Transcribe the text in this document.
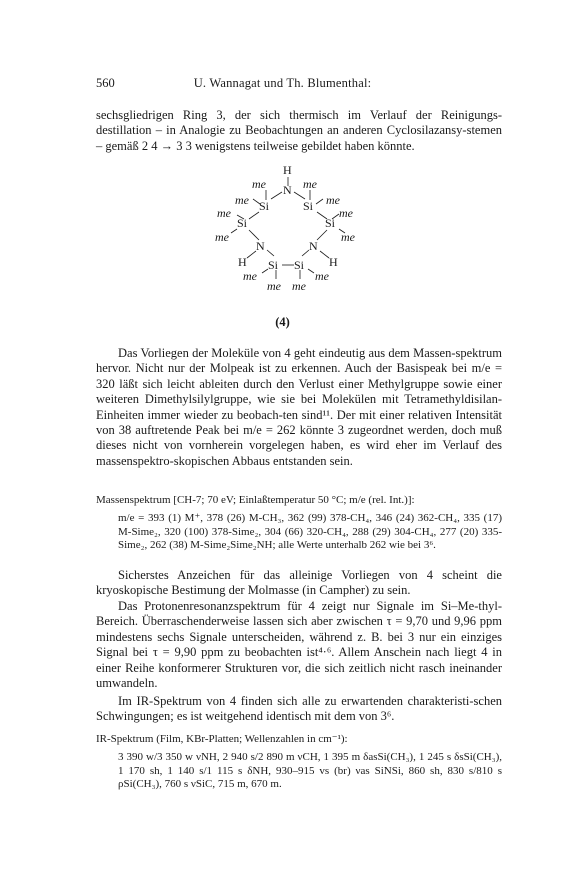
560	U. Wannagat und Th. Blumenthal:
sechsgliedrigen Ring 3, der sich thermisch im Verlauf der Reinigungs-destillation – in Analogie zu Beobachtungen an anderen Cyclosilazansy-stemen – gemäß 2 4 → 3 3 wenigstens teilweise gebildet haben könnte.
H
N
me	me
Si	Si
me	me
me	me
Si	Si
me	me
N	N
H	H
Si Si
me	me
me me
(4)
Das Vorliegen der Moleküle von 4 geht eindeutig aus dem Massen-spektrum hervor. Nicht nur der Molpeak ist zu erkennen. Auch der Basispeak bei m/e = 320 läßt sich leicht ableiten durch den Verlust einer Methylgruppe sowie einer weiteren Dimethylsilylgruppe, wie sie bei Molekülen mit Tetramethyldisilan-Einheiten immer wieder zu beobach-ten sind¹¹. Der mit einer relativen Intensität von 38 auftretende Peak bei m/e = 262 könnte 3 zugeordnet werden, doch muß dieses nicht von vornherein vorgelegen haben, es wird eher im Verlauf des massenspektro-skopischen Abbaus entstanden sein.
Massenspektrum [CH-7; 70 eV; Einlaßtemperatur 50 °C; m/e (rel. Int.)]:
m/e = 393 (1) M⁺, 378 (26) M-CH₃, 362 (99) 378-CH₄, 346 (24) 362-CH₄, 335 (17) M-Sime₂, 320 (100) 378-Sime₂, 304 (66) 320-CH₄, 288 (29) 304-CH₄, 277 (20) 335-Sime₂, 262 (38) M-Sime₂Sime₂NH; alle Werte unterhalb 262 wie bei 3⁶.
Sicherstes Anzeichen für das alleinige Vorliegen von 4 scheint die kryoskopische Bestimung der Molmasse (in Campher) zu sein.
Das Protonenresonanzspektrum für 4 zeigt nur Signale im Si–Me-thyl-Bereich. Überraschenderweise lassen sich aber zwischen τ = 9,70 und 9,96 ppm mindestens sechs Signale unterscheiden, während z. B. bei 3 nur ein einziges Signal bei τ = 9,90 ppm zu beobachten ist⁴·⁶. Allem Anschein nach liegt 4 in einer Reihe konformerer Strukturen vor, die sich zeitlich nicht rasch ineinander umwandeln.
Im IR-Spektrum von 4 finden sich alle zu erwartenden charakteristi-schen Schwingungen; es ist weitgehend identisch mit dem von 3⁶.
IR-Spektrum (Film, KBr-Platten; Wellenzahlen in cm⁻¹):
3 390 w/3 350 w νNH, 2 940 s/2 890 m νCH, 1 395 m δasSi(CH₃), 1 245 s δsSi(CH₃), 1 170 sh, 1 140 s/1 115 s δNH, 930–915 vs (br) νas SiNSi, 860 sh, 830 s/810 s ρSi(CH₃), 760 s νSiC, 715 m, 670 m.
